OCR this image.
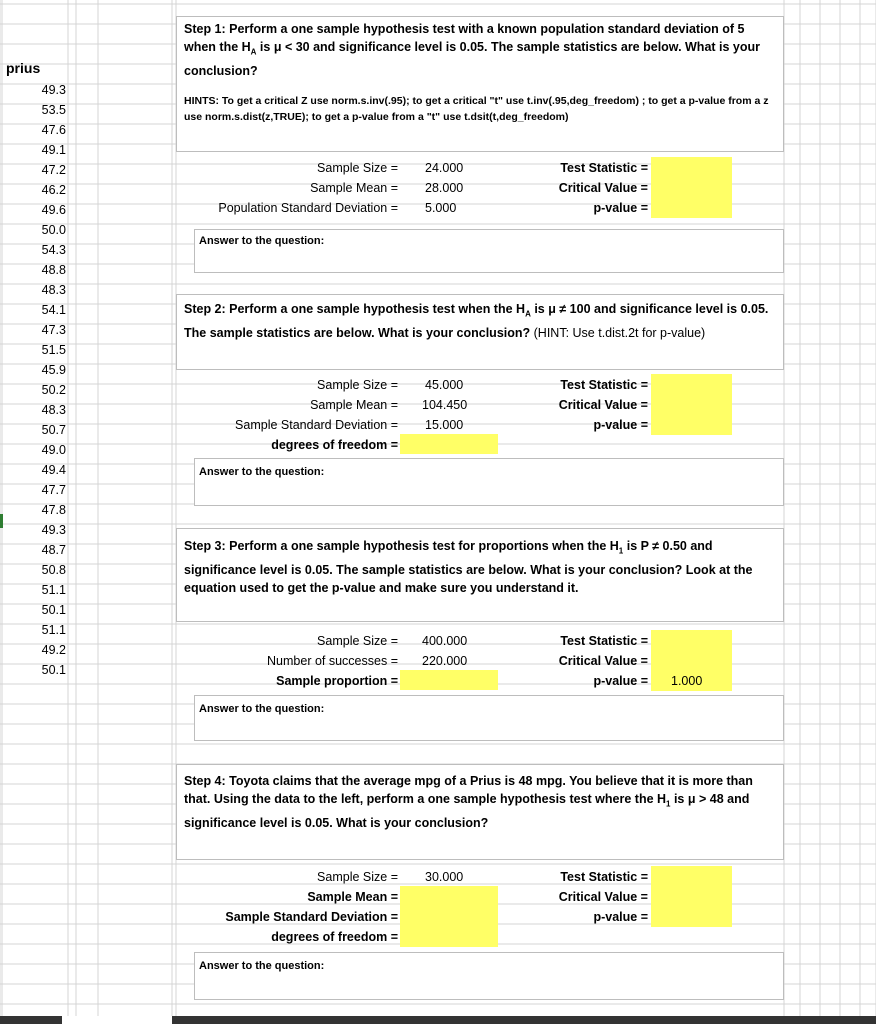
prius
49.3
53.5
47.6
49.1
47.2
46.2
49.6
50.0
54.3
48.8
48.3
54.1
47.3
51.5
45.9
50.2
48.3
50.7
49.0
49.4
47.7
47.8
49.3
48.7
50.8
51.1
50.1
51.1
49.2
50.1
Step 1: Perform a one sample hypothesis test with a known population standard deviation of 5 when the $H_A$ is μ < 30 and significance level is 0.05. The sample statistics are below. What is your conclusion?
HINTS: To get a critical Z use norm.s.inv(.95); to get a critical "t" use t.inv(.95,deg_freedom) ; to get a p-value from a z use norm.s.dist(z,TRUE); to get a p-value from a "t" use t.dsit(t,deg_freedom)
Sample Size =
Sample Mean =
Population Standard Deviation =
24.000
28.000
5.000
Test Statistic =
Critical Value =
p-value =
Answer to the question:
Step 2: Perform a one sample hypothesis test when the $H_A$ is μ ≠ 100 and significance level is 0.05. The sample statistics are below. What is your conclusion? (HINT: Use t.dist.2t for p-value)
Sample Size =
Sample Mean =
Sample Standard Deviation =
degrees of freedom =
45.000
104.450
15.000
Test Statistic =
Critical Value =
p-value =
Answer to the question:
Step 3: Perform a one sample hypothesis test for proportions when the $H_1$ is P ≠ 0.50 and significance level is 0.05. The sample statistics are below. What is your conclusion? Look at the equation used to get the p-value and make sure you understand it.
Sample Size =
Number of successes =
Sample proportion =
400.000
220.000
Test Statistic =
Critical Value =
p-value = 1.000
Answer to the question:
Step 4: Toyota claims that the average mpg of a Prius is 48 mpg. You believe that it is more than that. Using the data to the left, perform a one sample hypothesis test where the $H_1$ is μ > 48 and significance level is 0.05. What is your conclusion?
Sample Size =
Sample Mean =
Sample Standard Deviation =
degrees of freedom =
30.000	Test Statistic =
Critical Value =
p-value =
Answer to the question:
